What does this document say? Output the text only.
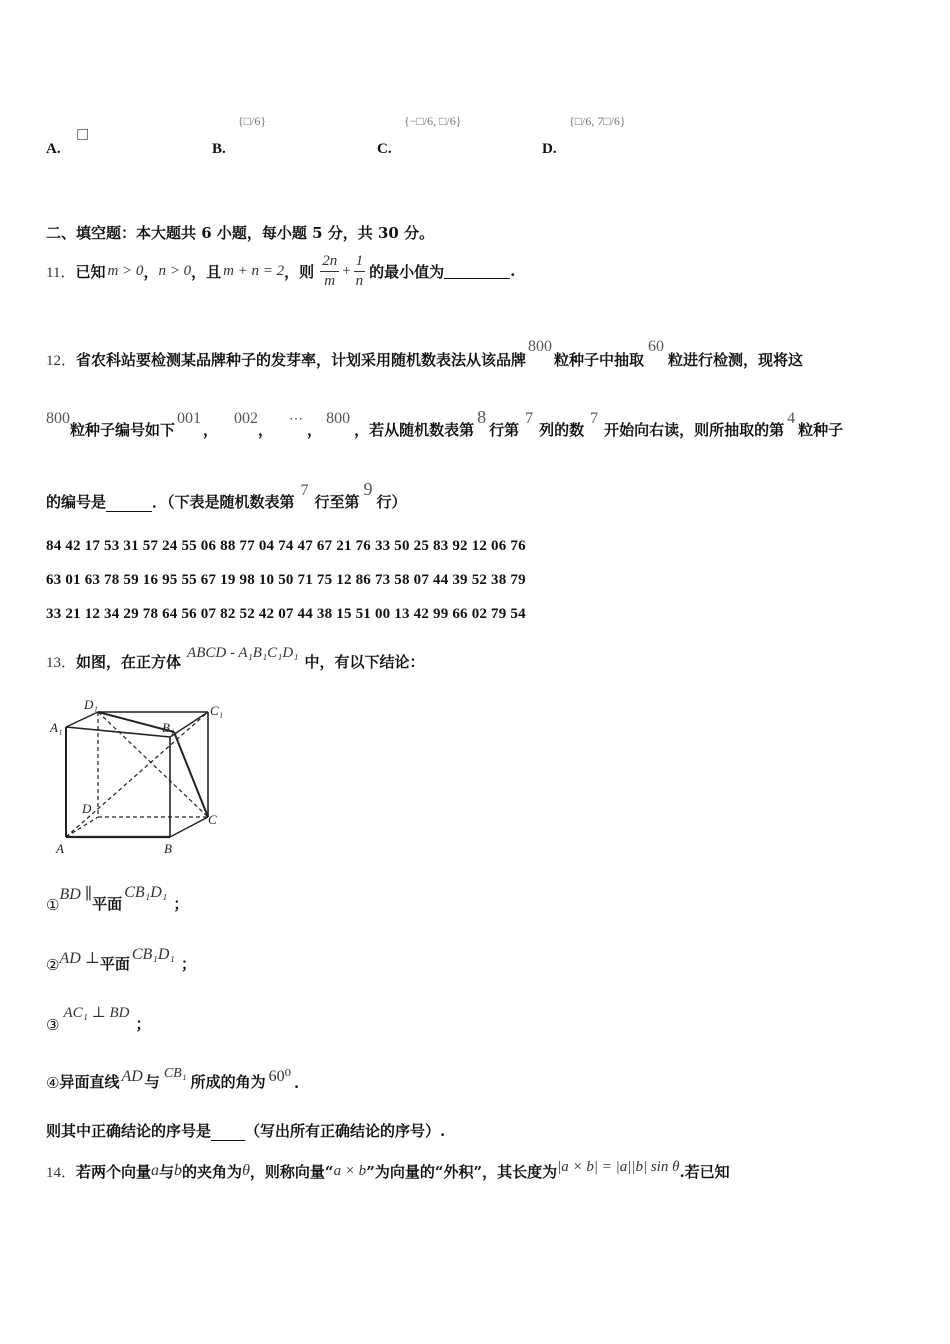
A.
□
B.
{□/6}
C.
{−□/6, □/6}
D.
{□/6, 7□/6}
二、填空题：本大题共 6 小题，每小题 5 分，共 30 分。
11． 已知 m > 0 ， n > 0 ，且 m + n = 2 ，则 $\frac{2n}{m} + \frac{1}{n}$ 的最小值为	.
12． 省农科站要检测某品牌种子的发芽率，计划采用随机数表法从该品牌
800
粒种子中抽取
60
粒进行检测，现将这
800
粒种子编号如下
001
，
002
，
⋯
，
800
，若从随机数表第
8
行第
7
列的数
7
开始向右读，则所抽取的第
4
粒种子
的编号是	．（下表是随机数表第
7
行至第
9
行）
84 42 17 53 31 57 24 55 06 88 77 04 74 47 67 21 76 33 50 25 83 92 12 06 76
63 01 63 78 59 16 95 55 67 19 98 10 50 71 75 12 86 73 58 07 44 39 52 38 79
33 21 12 34 29 78 64 56 07 82 52 42 07 44 38 15 51 00 13 42 99 66 02 79 54
13． 如图，在正方体 ABCD - A₁B₁C₁D₁ 中，有以下结论：
D₁	C₁
A₁	B₁
D
C
A	B
①
BD ∥
平面
CB₁D₁
；
② AD ⊥ 平面
CB₁D₁
；
③
AC₁ ⊥ BD
；
④ 异面直线 AD 与 CB₁ 所成的角为 60⁰ .
则其中正确结论的序号是 （写出所有正确结论的序号）.
14． 若两个向量 a 与 b 的夹角为 θ ，则称向量“ a × b ”为向量的“外积”，其长度为 |a × b| = |a||b| sin θ .若已知
